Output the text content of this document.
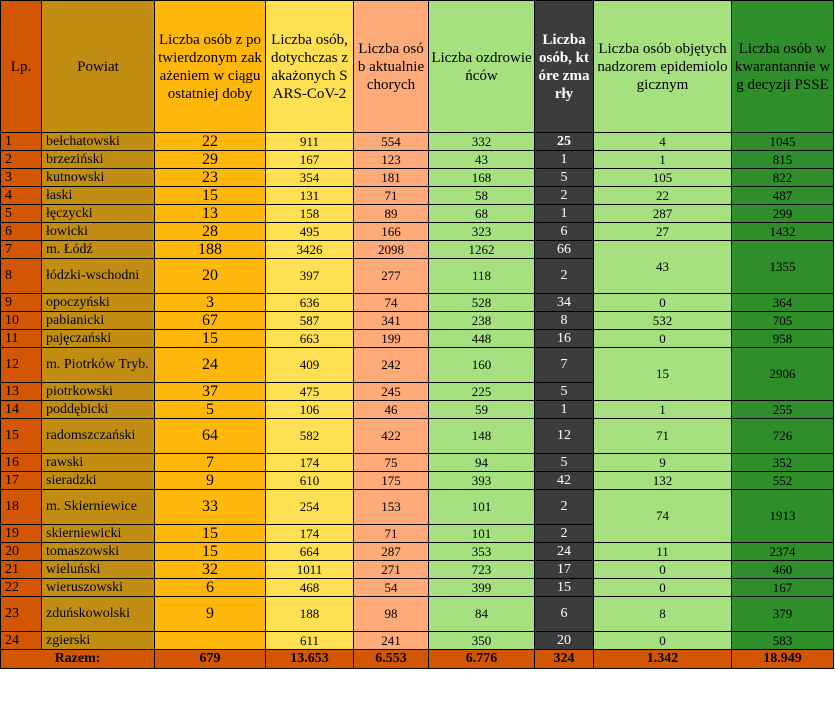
Lp.	Powiat	Liczba osób z potwierdzonym zakażeniem w ciągu ostatniej doby	Liczba osób, dotychczas zakażonych SARS-CoV-2	Liczba osób aktualnie chorych	Liczba ozdrowieńców	Liczba osób, które zmarły	Liczba osób objętych nadzorem epidemiologicznym	Liczba osób w kwarantannie wg decyzji PSSE
1	bełchatowski	22	911	554	332	25	4	1045
2	brzeziński	29	167	123	43	1	1	815
3	kutnowski	23	354	181	168	5	105	822
4	łaski	15	131	71	58	2	22	487
5	łęczycki	13	158	89	68	1	287	299
6	łowicki	28	495	166	323	6	27	1432
7	m. Łódź	188	3426	2098	1262	66	43	1355
8	łódzki-wschodni	20	397	277	118	2		
9	opoczyński	3	636	74	528	34	0	364
10	pabianicki	67	587	341	238	8	532	705
11	pajęczański	15	663	199	448	16	0	958
12	m. Piotrków Tryb.	24	409	242	160	7	15	2906
13	piotrkowski	37	475	245	225	5		
14	poddębicki	5	106	46	59	1	1	255
15	radomszczański	64	582	422	148	12	71	726
16	rawski	7	174	75	94	5	9	352
17	sieradzki	9	610	175	393	42	132	552
18	m. Skierniewice	33	254	153	101	2	74	1913
19	skierniewicki	15	174	71	101	2		
20	tomaszowski	15	664	287	353	24	11	2374
21	wieluński	32	1011	271	723	17	0	460
22	wieruszowski	6	468	54	399	15	0	167
23	zduńskowolski	9	188	98	84	6	8	379
24	zgierski		611	241	350	20	0	583
Razem:		679	13.653	6.553	6.776	324	1.342	18.949
